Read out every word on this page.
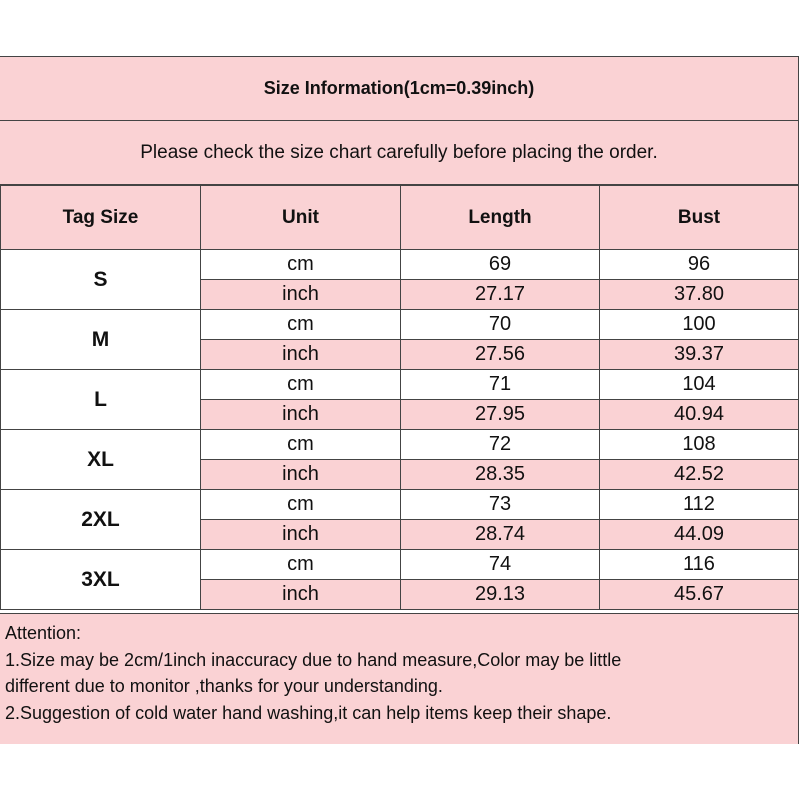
Size Information(1cm=0.39inch)
Please check the size chart carefully before placing the order.
Tag Size	Unit	Length	Bust
S	cm	69	96
	inch	27.17	37.80
M	cm	70	100
	inch	27.56	39.37
L	cm	71	104
	inch	27.95	40.94
XL	cm	72	108
	inch	28.35	42.52
2XL	cm	73	112
	inch	28.74	44.09
3XL	cm	74	116
	inch	29.13	45.67
Attention:
1.Size may be 2cm/1inch inaccuracy due to hand measure,Color may be little
different due to monitor ,thanks for your understanding.
2.Suggestion of cold water hand washing,it can help items keep their shape.
